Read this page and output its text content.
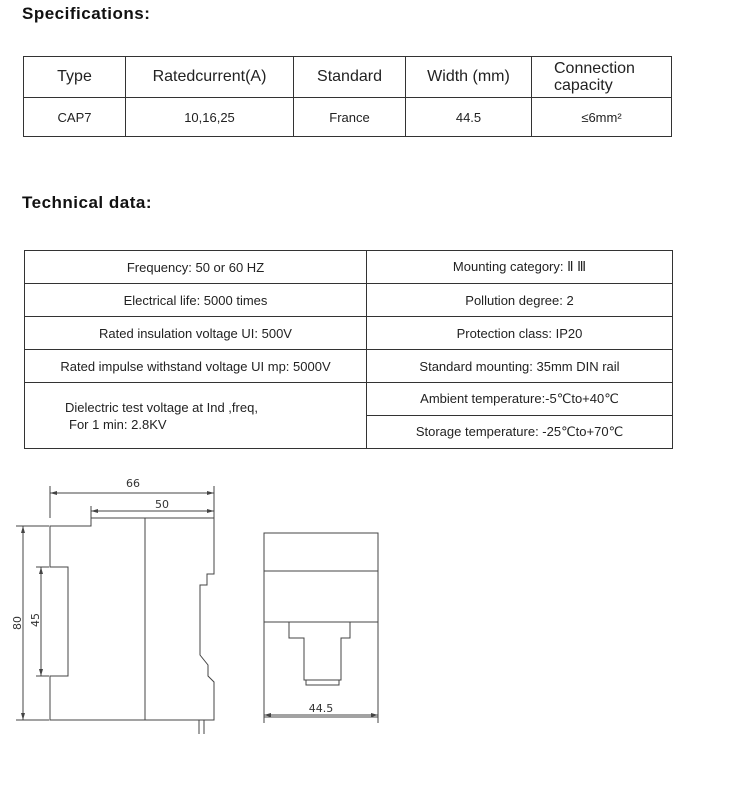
Specifications:
Type	Ratedcurrent(A)	Standard	Width (mm)	Connection capacity
CAP7	10,16,25	France	44.5	≤6mm²
Technical data:
Frequency: 50 or 60 HZ	Mounting category: Ⅱ Ⅲ
Electrical life: 5000 times	Pollution degree: 2
Rated insulation voltage UI: 500V	Protection class: IP20
Rated impulse withstand voltage UI mp: 5000V	Standard mounting: 35mm DIN rail

Dielectric test voltage at Ind ,freq,
For 1 min: 2.8KV	Ambient temperature:-5℃to+40℃
	Storage temperature: -25℃to+70℃
66
50
80 45
44.5
